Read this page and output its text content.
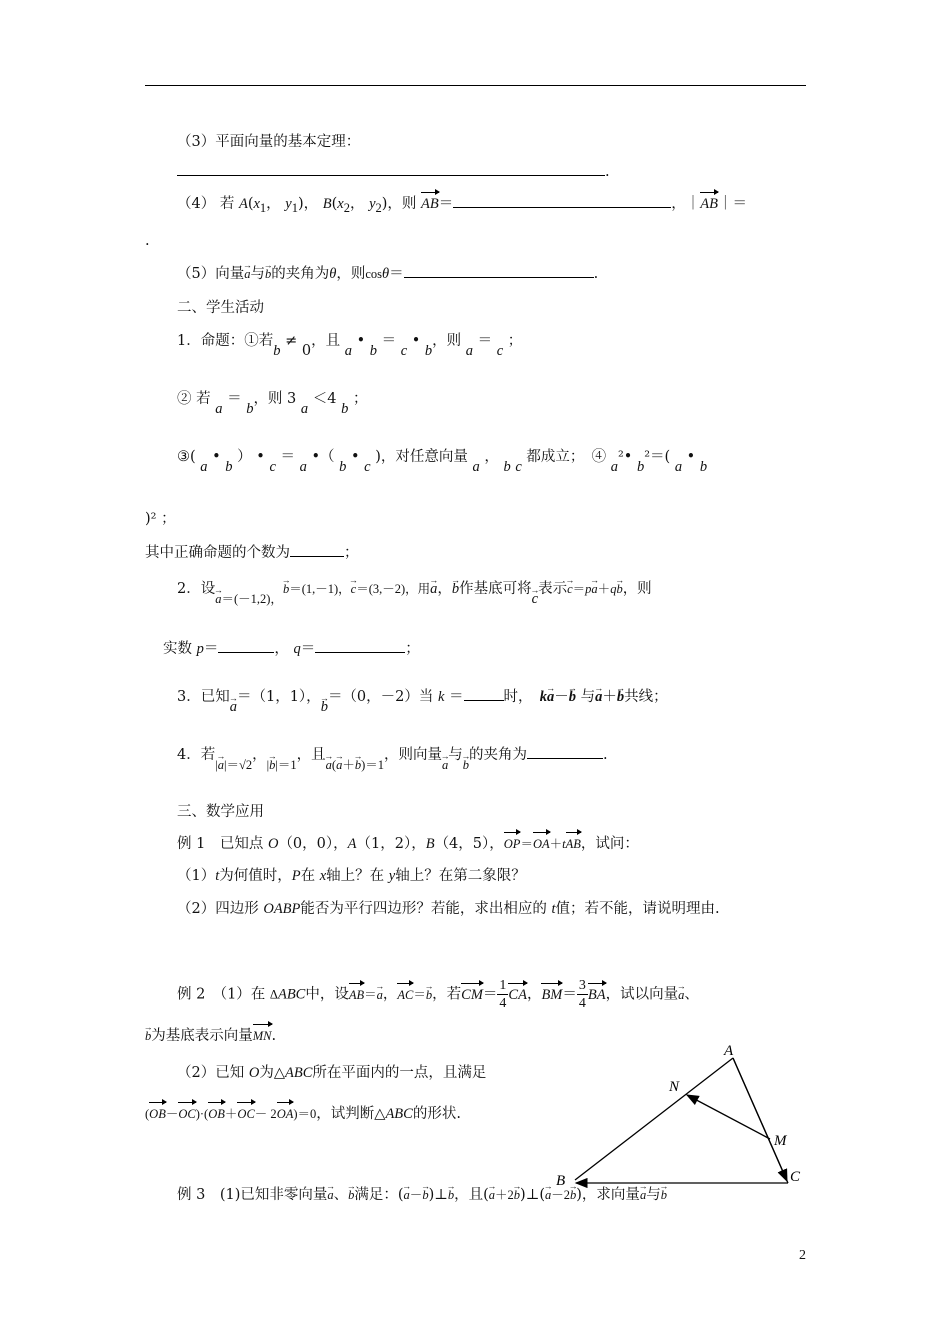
（3）平面向量的基本定理：
.
（4） 若 $A(x_1$， $y_1$)， $B(x_2$， $y_2$)，则 AB＝	，｜AB｜＝
.
（5）向量→ a与→ b的夹角为θ，则cosθ＝	.
二、学生活动
1．命题：①若b ≠ 0，且 a • b ＝ c • b，则 a ＝ c ；
② 若 a ＝ b，则 3 a ＜4 b ；
③( a • b ） • c ＝ a •（ b • c )，对任意向量 a ， b c 都成立；　④ a²• b²＝( a • b
)² ；
其中正确命题的个数为	；
2．设→ a＝(－1,2)，→ b＝(1,－1)，→ c＝(3,－2)，用→ a，→ b作基底可将→ c表示→ c＝p→ a＋q→ b，则
实数 p＝	， q＝	；
3．已知→ a＝（1，1），→ b＝（0，－2）当 k ＝	时，　 k→ a－→ b 与→ a＋→ b共线；
4．若|→ a|＝√2，|→ b|＝1，且→ a(→ a＋→ b)＝1，则向量→ a与→ b的夹角为	.
三、数学应用
例 1　已知点 O（0，0），A（1，2），B（4，5），OP＝OA＋tAB，试问：
（1）t为何值时，P在 x轴上？在 y轴上？在第二象限？
（2）四边形 OABP能否为平行四边形？若能，求出相应的 t值；若不能，请说明理由.
例 2　（1）在 ΔABC中，设AB＝→ a，AC＝→ b，若$CM= \frac{1}{4}$ CA，$BM= \frac{3}{4}$ BA，试以向量→ a、
→ b为基底表示向量MN.
（2）已知 O为△ABC所在平面内的一点，且满足
(OB－OC)·(OB＋OC－ 2OA)＝0，试判断△ABC的形状.
例 3　(1)已知非零向量→ a、→ b满足：(→ a－→ b)⊥→ b，且(→ a＋2→ b)⊥(→ a－2→ b)，求向量→ a与→ b
A
N
M
B	C
2
